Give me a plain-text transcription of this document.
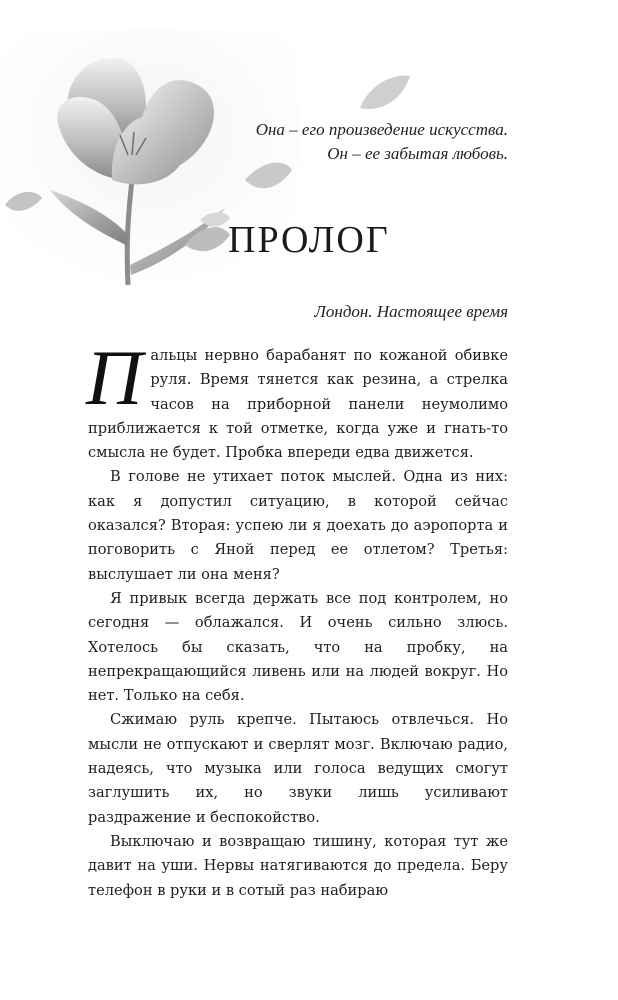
Она – его произведение искусства.
Он – ее забытая любовь.
ПРОЛОГ
Лондон. Настоящее время

Пальцы нервно барабанят по кожаной обивке руля. Время тянется как резина, а стрелка часов на приборной панели неумолимо приближается к той отметке, когда уже и гнать-то смысла не будет. Пробка впереди едва движется.

В голове не утихает поток мыслей. Одна из них: как я допустил ситуацию, в которой сейчас оказался? Вторая: успею ли я доехать до аэропорта и поговорить с Яной перед ее отлетом? Третья: выслушает ли она меня?

Я привык всегда держать все под контролем, но сегодня — облажался. И очень сильно злюсь. Хотелось бы сказать, что на пробку, на непрекращающийся ливень или на людей вокруг. Но нет. Только на себя.

Сжимаю руль крепче. Пытаюсь отвлечься. Но мысли не отпускают и сверлят мозг. Включаю радио, надеясь, что музыка или голоса ведущих смогут заглушить их, но звуки лишь усиливают раздражение и беспокойство.

Выключаю и возвращаю тишину, которая тут же давит на уши. Нервы натягиваются до предела. Беру телефон в руки и в сотый раз набираю
